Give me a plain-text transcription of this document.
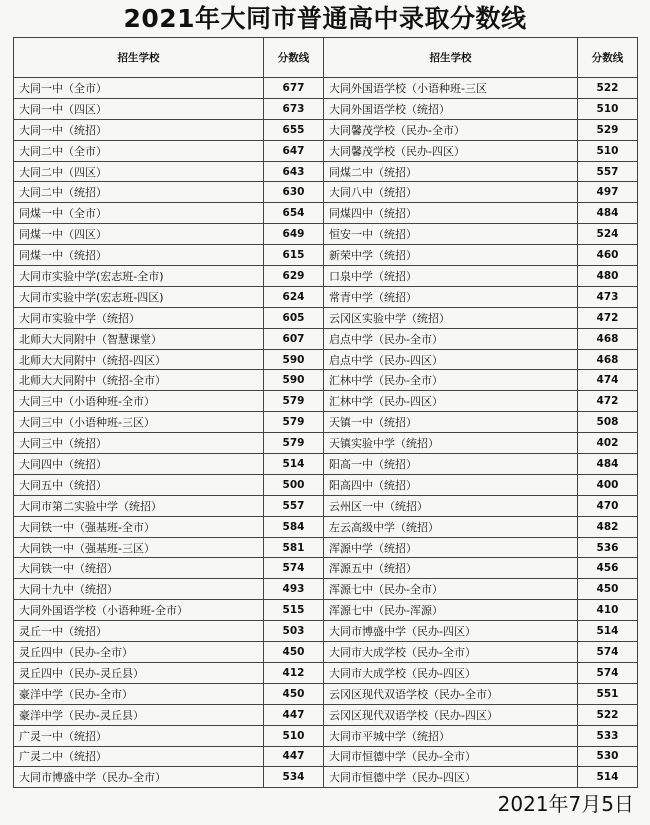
2021年大同市普通高中录取分数线
招生学校	分数线	招生学校	分数线
大同一中（全市）	677	大同外国语学校（小语种班-三区	522
大同一中（四区）	673	大同外国语学校（统招）	510
大同一中（统招）	655	大同馨茂学校（民办-全市）	529
大同二中（全市）	647	大同馨茂学校（民办-四区）	510
大同二中（四区）	643	同煤二中（统招）	557
大同二中（统招）	630	大同八中（统招）	497
同煤一中（全市）	654	同煤四中（统招）	484
同煤一中（四区）	649	恒安一中（统招）	524
同煤一中（统招）	615	新荣中学（统招）	460
大同市实验中学(宏志班-全市)	629	口泉中学（统招）	480
大同市实验中学(宏志班-四区)	624	常青中学（统招）	473
大同市实验中学（统招）	605	云冈区实验中学（统招）	472
北师大大同附中（智慧课堂）	607	启点中学（民办-全市）	468
北师大大同附中（统招-四区）	590	启点中学（民办-四区）	468
北师大大同附中（统招-全市）	590	汇林中学（民办-全市）	474
大同三中（小语种班-全市）	579	汇林中学（民办-四区）	472
大同三中（小语种班-三区）	579	天镇一中（统招）	508
大同三中（统招）	579	天镇实验中学（统招）	402
大同四中（统招）	514	阳高一中（统招）	484
大同五中（统招）	500	阳高四中（统招）	400
大同市第二实验中学（统招）	557	云州区一中（统招）	470
大同铁一中（强基班-全市）	584	左云高级中学（统招）	482
大同铁一中（强基班-三区）	581	浑源中学（统招）	536
大同铁一中（统招）	574	浑源五中（统招）	456
大同十九中（统招）	493	浑源七中（民办-全市）	450
大同外国语学校（小语种班-全市）	515	浑源七中（民办-浑源）	410
灵丘一中（统招）	503	大同市博盛中学（民办-四区）	514
灵丘四中（民办-全市）	450	大同市大成学校（民办-全市）	574
灵丘四中（民办-灵丘县）	412	大同市大成学校（民办-四区）	574
豪洋中学（民办-全市）	450	云冈区现代双语学校（民办-全市）	551
豪洋中学（民办-灵丘县）	447	云冈区现代双语学校（民办-四区）	522
广灵一中（统招）	510	大同市平城中学（统招）	533
广灵二中（统招）	447	大同市恒德中学（民办-全市）	530
大同市博盛中学（民办-全市）	534	大同市恒德中学（民办-四区）	514
2021年7月5日
